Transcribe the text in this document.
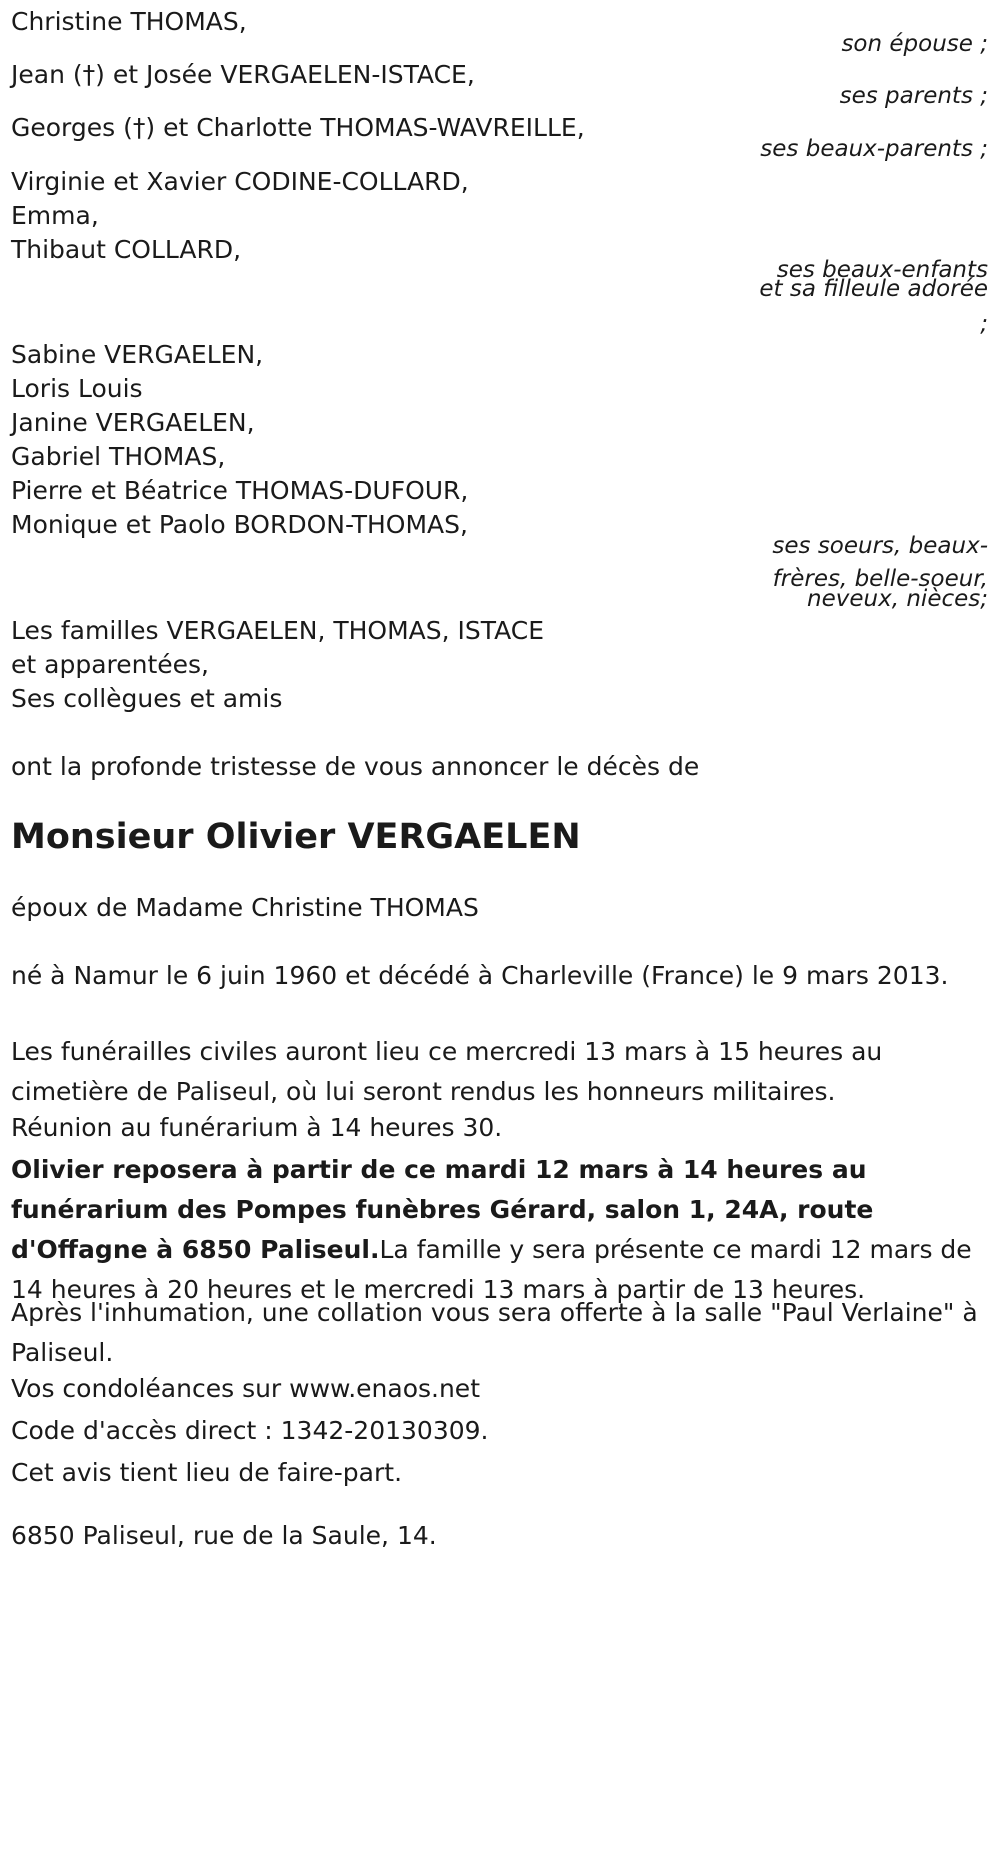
Christine THOMAS,
son épouse ;
Jean (†) et Josée VERGAELEN-ISTACE,
ses parents ;
Georges (†) et Charlotte THOMAS-WAVREILLE,
ses beaux-parents ;
Virginie et Xavier CODINE-COLLARD,
Emma,
Thibaut COLLARD,
ses beaux-enfants
et sa filleule adorée
;
Sabine VERGAELEN,
Loris Louis
Janine VERGAELEN,
Gabriel THOMAS,
Pierre et Béatrice THOMAS-DUFOUR,
Monique et Paolo BORDON-THOMAS,
ses soeurs, beaux-
frères, belle-soeur,
neveux, nièces;
Les familles VERGAELEN, THOMAS, ISTACE
et apparentées,
Ses collègues et amis
ont la profonde tristesse de vous annoncer le décès de
Monsieur Olivier VERGAELEN
époux de Madame Christine THOMAS
né à Namur le 6 juin 1960 et décédé à Charleville (France) le 9 mars 2013.
Les funérailles civiles auront lieu ce mercredi 13 mars à 15 heures au cimetière de Paliseul, où lui seront rendus les honneurs militaires.
Réunion au funérarium à 14 heures 30.
Olivier reposera à partir de ce mardi 12 mars à 14 heures au funérarium des Pompes funèbres Gérard, salon 1, 24A, route d'Offagne à 6850 Paliseul.La famille y sera présente ce mardi 12 mars de 14 heures à 20 heures et le mercredi 13 mars à partir de 13 heures.
Après l'inhumation, une collation vous sera offerte à la salle "Paul Verlaine" à Paliseul.
Vos condoléances sur www.enaos.net
Code d'accès direct : 1342-20130309.
Cet avis tient lieu de faire-part.
6850 Paliseul, rue de la Saule, 14.
